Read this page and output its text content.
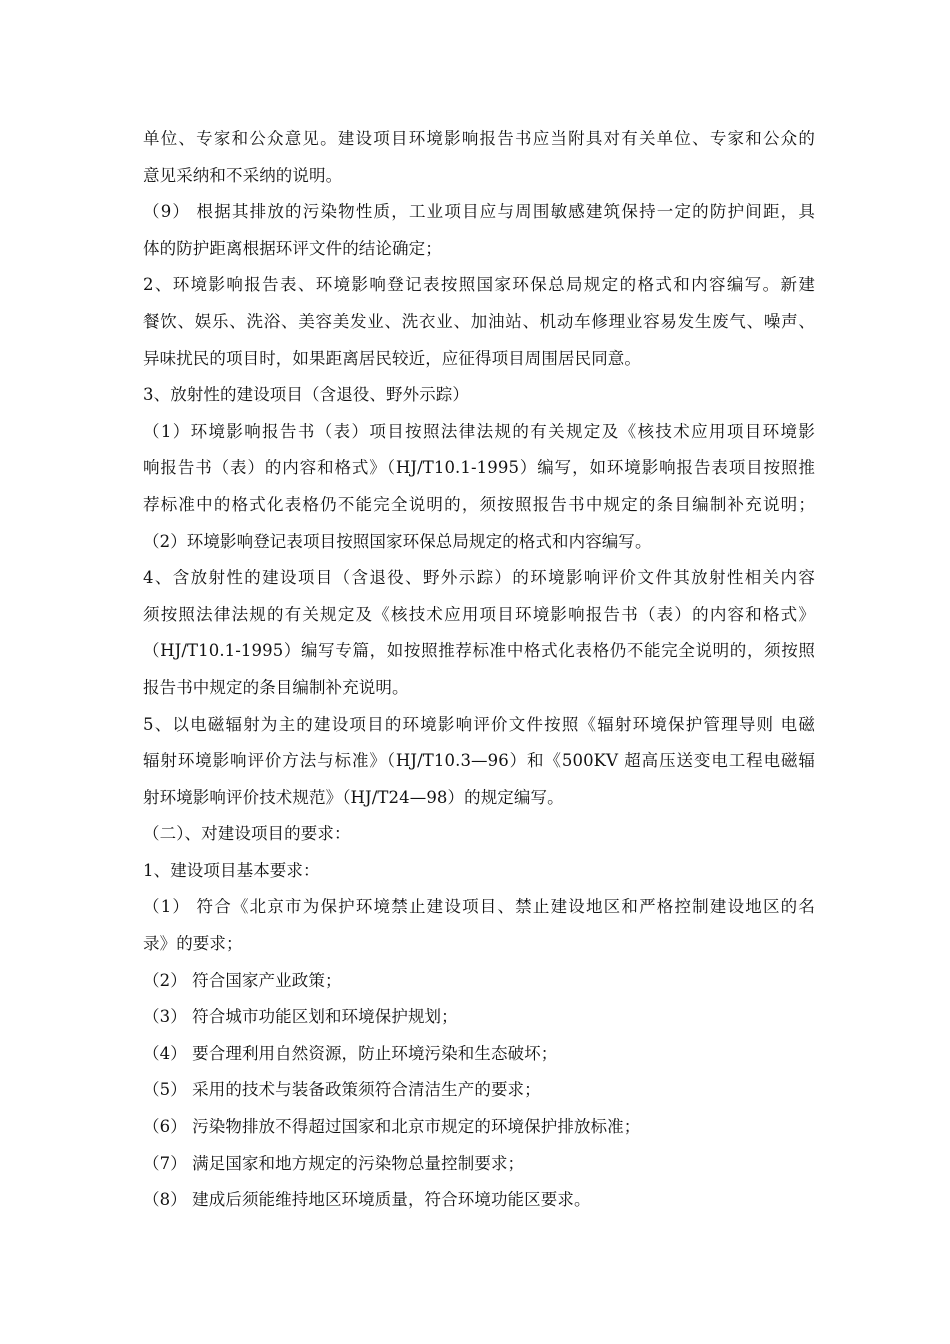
单位、专家和公众意见。建设项目环境影响报告书应当附具对有关单位、专家和公众的
意见采纳和不采纳的说明。
（9） 根据其排放的污染物性质，工业项目应与周围敏感建筑保持一定的防护间距，具
体的防护距离根据环评文件的结论确定；
2、环境影响报告表、环境影响登记表按照国家环保总局规定的格式和内容编写。新建
餐饮、娱乐、洗浴、美容美发业、洗衣业、加油站、机动车修理业容易发生废气、噪声、
异味扰民的项目时，如果距离居民较近，应征得项目周围居民同意。
3、放射性的建设项目（含退役、野外示踪）
（1）环境影响报告书（表）项目按照法律法规的有关规定及《核技术应用项目环境影
响报告书（表）的内容和格式》（HJ/T10.1-1995）编写，如环境影响报告表项目按照推
荐标准中的格式化表格仍不能完全说明的，须按照报告书中规定的条目编制补充说明；
（2）环境影响登记表项目按照国家环保总局规定的格式和内容编写。
4、含放射性的建设项目（含退役、野外示踪）的环境影响评价文件其放射性相关内容
须按照法律法规的有关规定及《核技术应用项目环境影响报告书（表）的内容和格式》
（HJ/T10.1-1995）编写专篇，如按照推荐标准中格式化表格仍不能完全说明的，须按照
报告书中规定的条目编制补充说明。
5、以电磁辐射为主的建设项目的环境影响评价文件按照《辐射环境保护管理导则 电磁
辐射环境影响评价方法与标准》（HJ/T10.3—96）和《500KV 超高压送变电工程电磁辐
射环境影响评价技术规范》（HJ/T24—98）的规定编写。
（二）、对建设项目的要求：
1、建设项目基本要求：
（1） 符合《北京市为保护环境禁止建设项目、禁止建设地区和严格控制建设地区的名
录》的要求；
（2） 符合国家产业政策；
（3） 符合城市功能区划和环境保护规划；
（4） 要合理利用自然资源，防止环境污染和生态破坏；
（5） 采用的技术与装备政策须符合清洁生产的要求；
（6） 污染物排放不得超过国家和北京市规定的环境保护排放标准；
（7） 满足国家和地方规定的污染物总量控制要求；
（8） 建成后须能维持地区环境质量，符合环境功能区要求。
